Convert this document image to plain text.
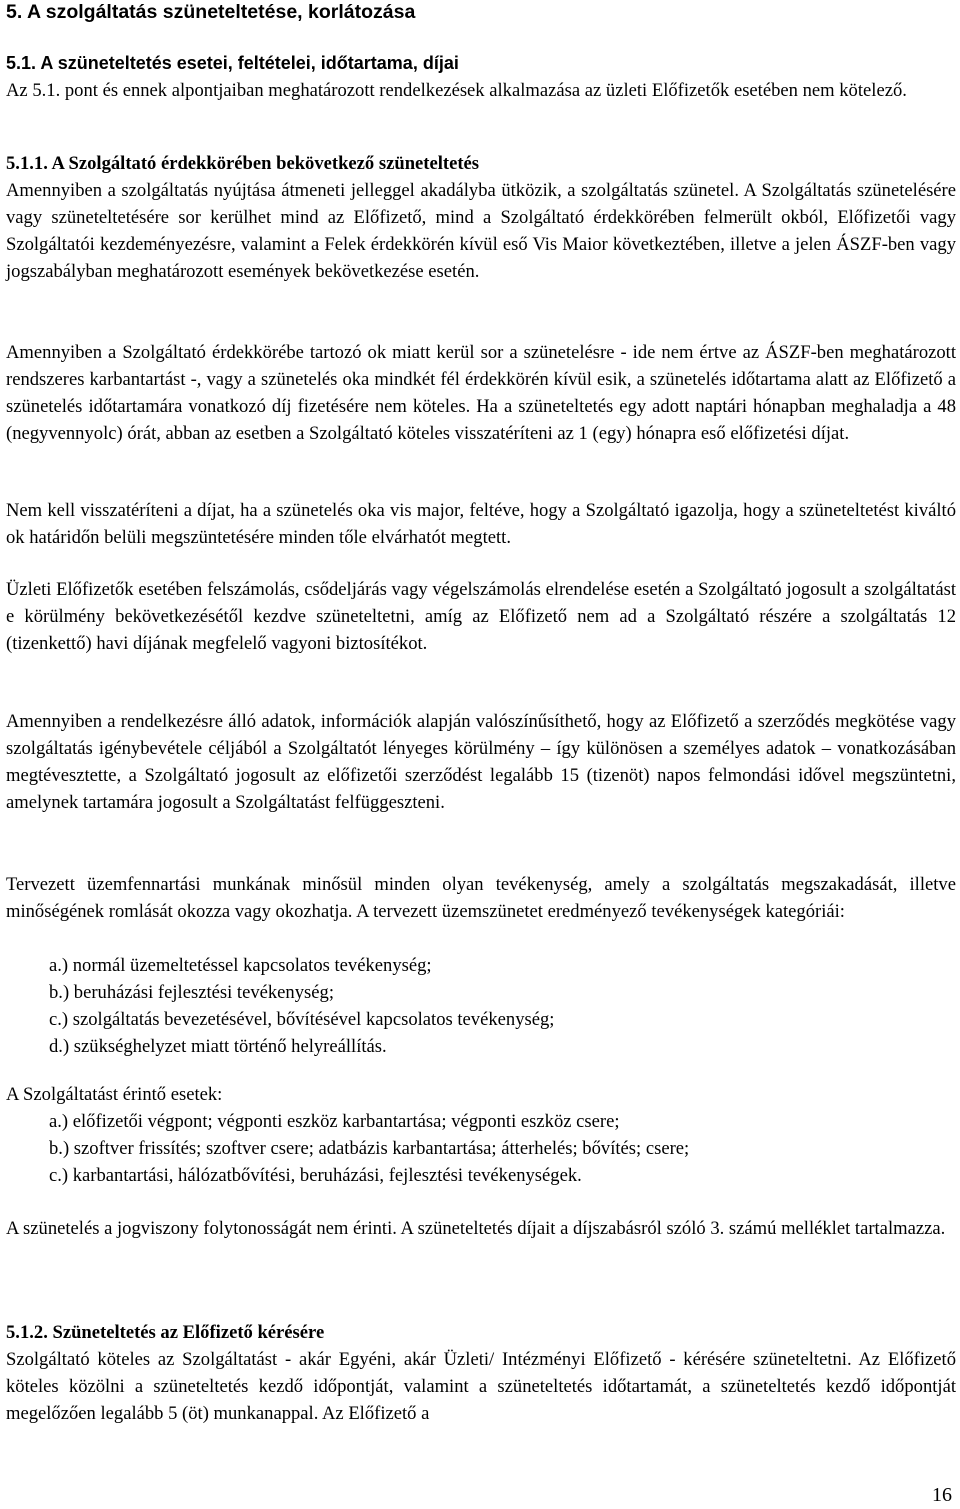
5. A szolgáltatás szüneteltetése, korlátozása
5.1. A szüneteltetés esetei, feltételei, időtartama, díjai

Az 5.1. pont és ennek alpontjaiban meghatározott rendelkezések alkalmazása az üzleti Előfizetők esetében nem kötelező.

5.1.1. A Szolgáltató érdekkörében bekövetkező szüneteltetés
Amennyiben a szolgáltatás nyújtása átmeneti jelleggel akadályba ütközik, a szolgáltatás szünetel. A Szolgáltatás szünetelésére vagy szüneteltetésére sor kerülhet mind az Előfizető, mind a Szolgáltató érdekkörében felmerült okból, Előfizetői vagy Szolgáltatói kezdeményezésre, valamint a Felek érdekkörén kívül eső Vis Maior következtében, illetve a jelen ÁSZF-ben vagy jogszabályban meghatározott események bekövetkezése esetén.

Amennyiben a Szolgáltató érdekkörébe tartozó ok miatt kerül sor a szünetelésre - ide nem értve az ÁSZF-ben meghatározott rendszeres karbantartást -, vagy a szünetelés oka mindkét fél érdekkörén kívül esik, a szünetelés időtartama alatt az Előfizető a szünetelés időtartamára vonatkozó díj fizetésére nem köteles. Ha a szüneteltetés egy adott naptári hónapban meghaladja a 48 (negyvennyolc) órát, abban az esetben a Szolgáltató köteles visszatéríteni az 1 (egy) hónapra eső előfizetési díjat.

Nem kell visszatéríteni a díjat, ha a szünetelés oka vis major, feltéve, hogy a Szolgáltató igazolja, hogy a szüneteltetést kiváltó ok határidőn belüli megszüntetésére minden tőle elvárhatót megtett.

Üzleti Előfizetők esetében felszámolás, csődeljárás vagy végelszámolás elrendelése esetén a Szolgáltató jogosult a szolgáltatást e körülmény bekövetkezésétől kezdve szüneteltetni, amíg az Előfizető nem ad a Szolgáltató részére a szolgáltatás 12 (tizenkettő) havi díjának megfelelő vagyoni biztosítékot.

Amennyiben a rendelkezésre álló adatok, információk alapján valószínűsíthető, hogy az Előfizető a szerződés megkötése vagy szolgáltatás igénybevétele céljából a Szolgáltatót lényeges körülmény – így különösen a személyes adatok – vonatkozásában megtévesztette, a Szolgáltató jogosult az előfizetői szerződést legalább 15 (tizenöt) napos felmondási idővel megszüntetni, amelynek tartamára jogosult a Szolgáltatást felfüggeszteni.

Tervezett üzemfennartási munkának minősül minden olyan tevékenység, amely a szolgáltatás megszakadását, illetve minőségének romlását okozza vagy okozhatja. A tervezett üzemszünetet eredményező tevékenységek kategóriái:

a.) normál üzemeltetéssel kapcsolatos tevékenység;
b.) beruházási fejlesztési tevékenység;
c.) szolgáltatás bevezetésével, bővítésével kapcsolatos tevékenység;
d.) szükséghelyzet miatt történő helyreállítás.

A Szolgáltatást érintő esetek:

a.) előfizetői végpont; végponti eszköz karbantartása; végponti eszköz csere;
b.) szoftver frissítés; szoftver csere; adatbázis karbantartása; átterhelés; bővítés; csere;
c.) karbantartási, hálózatbővítési, beruházási, fejlesztési tevékenységek.

A szünetelés a jogviszony folytonosságát nem érinti. A szüneteltetés díjait a díjszabásról szóló 3. számú melléklet tartalmazza.

5.1.2. Szüneteltetés az Előfizető kérésére
Szolgáltató köteles az Szolgáltatást - akár Egyéni, akár Üzleti/ Intézményi Előfizető - kérésére szüneteltetni. Az Előfizető köteles közölni a szüneteltetés kezdő időpontját, valamint a szüneteltetés időtartamát, a szüneteltetés kezdő időpontját megelőzően legalább 5 (öt) munkanappal. Az Előfizető a

16
